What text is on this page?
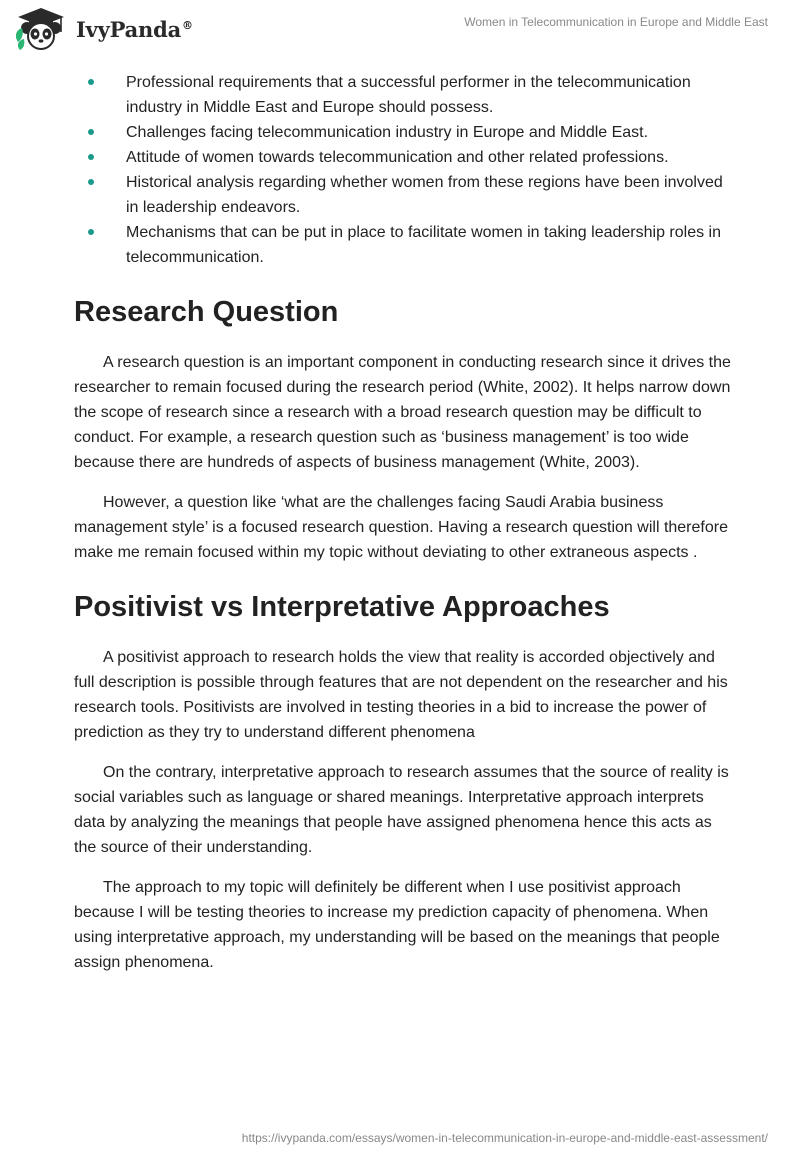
IvyPanda®	Women in Telecommunication in Europe and Middle East
Professional requirements that a successful performer in the telecommunication industry in Middle East and Europe should possess.
Challenges facing telecommunication industry in Europe and Middle East.
Attitude of women towards telecommunication and other related professions.
Historical analysis regarding whether women from these regions have been involved in leadership endeavors.
Mechanisms that can be put in place to facilitate women in taking leadership roles in telecommunication.
Research Question

A research question is an important component in conducting research since it drives the researcher to remain focused during the research period (White, 2002). It helps narrow down the scope of research since a research with a broad research question may be difficult to conduct. For example, a research question such as ‘business management’ is too wide because there are hundreds of aspects of business management (White, 2003).

However, a question like ‘what are the challenges facing Saudi Arabia business management style’ is a focused research question. Having a research question will therefore make me remain focused within my topic without deviating to other extraneous aspects .

Positivist vs Interpretative Approaches

A positivist approach to research holds the view that reality is accorded objectively and full description is possible through features that are not dependent on the researcher and his research tools. Positivists are involved in testing theories in a bid to increase the power of prediction as they try to understand different phenomena

On the contrary, interpretative approach to research assumes that the source of reality is social variables such as language or shared meanings. Interpretative approach interprets data by analyzing the meanings that people have assigned phenomena hence this acts as the source of their understanding.

The approach to my topic will definitely be different when I use positivist approach because I will be testing theories to increase my prediction capacity of phenomena. When using interpretative approach, my understanding will be based on the meanings that people assign phenomena.

https://ivypanda.com/essays/women-in-telecommunication-in-europe-and-middle-east-assessment/
